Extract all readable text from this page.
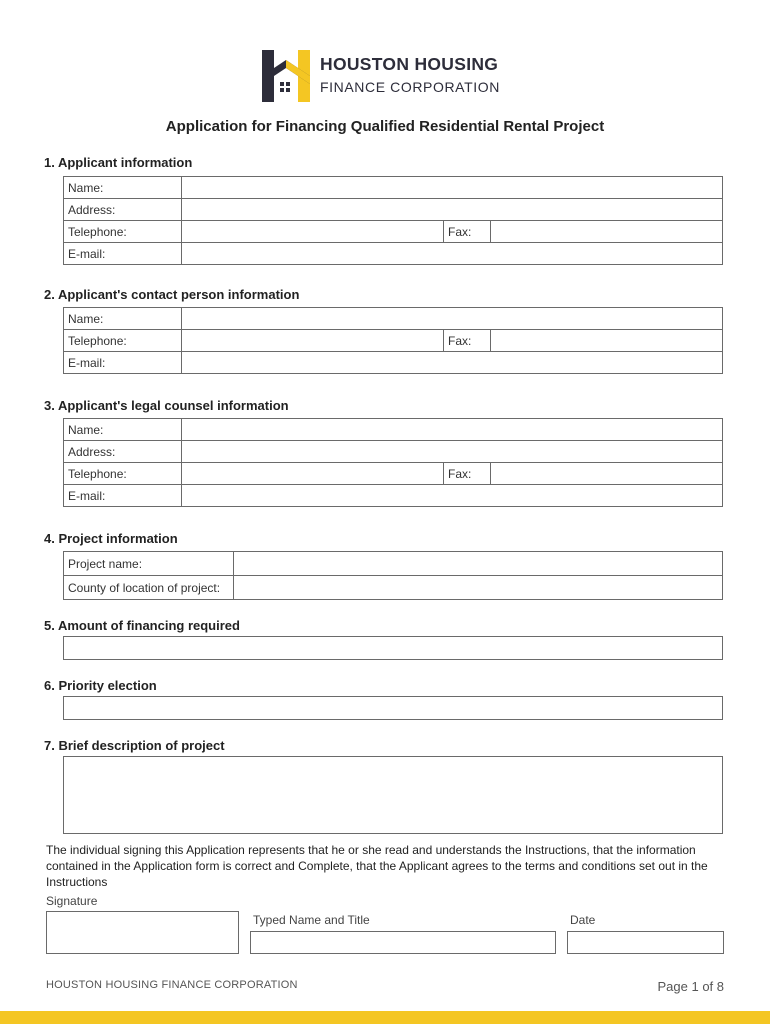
HOUSTON HOUSING
FINANCE CORPORATION
Application for Financing Qualified Residential Rental Project
1. Applicant information
Name:			
Address:			
Telephone:		Fax:	
E-mail:			
2. Applicant's contact person information
Name:			
Telephone:		Fax:	
E-mail:			
3. Applicant's legal counsel information
Name:			
Address:			
Telephone:		Fax:	
E-mail:			
4. Project information
Project name:	
County of location of project:	
5. Amount of financing required
6. Priority election
7. Brief description of project
The individual signing this Application represents that he or she read and understands the Instructions, that the information contained in the Application form is correct and Complete, that the Applicant agrees to the terms and conditions set out in the Instructions
Signature
Typed Name and Title	Date
HOUSTON HOUSING FINANCE CORPORATION	Page 1 of 8
